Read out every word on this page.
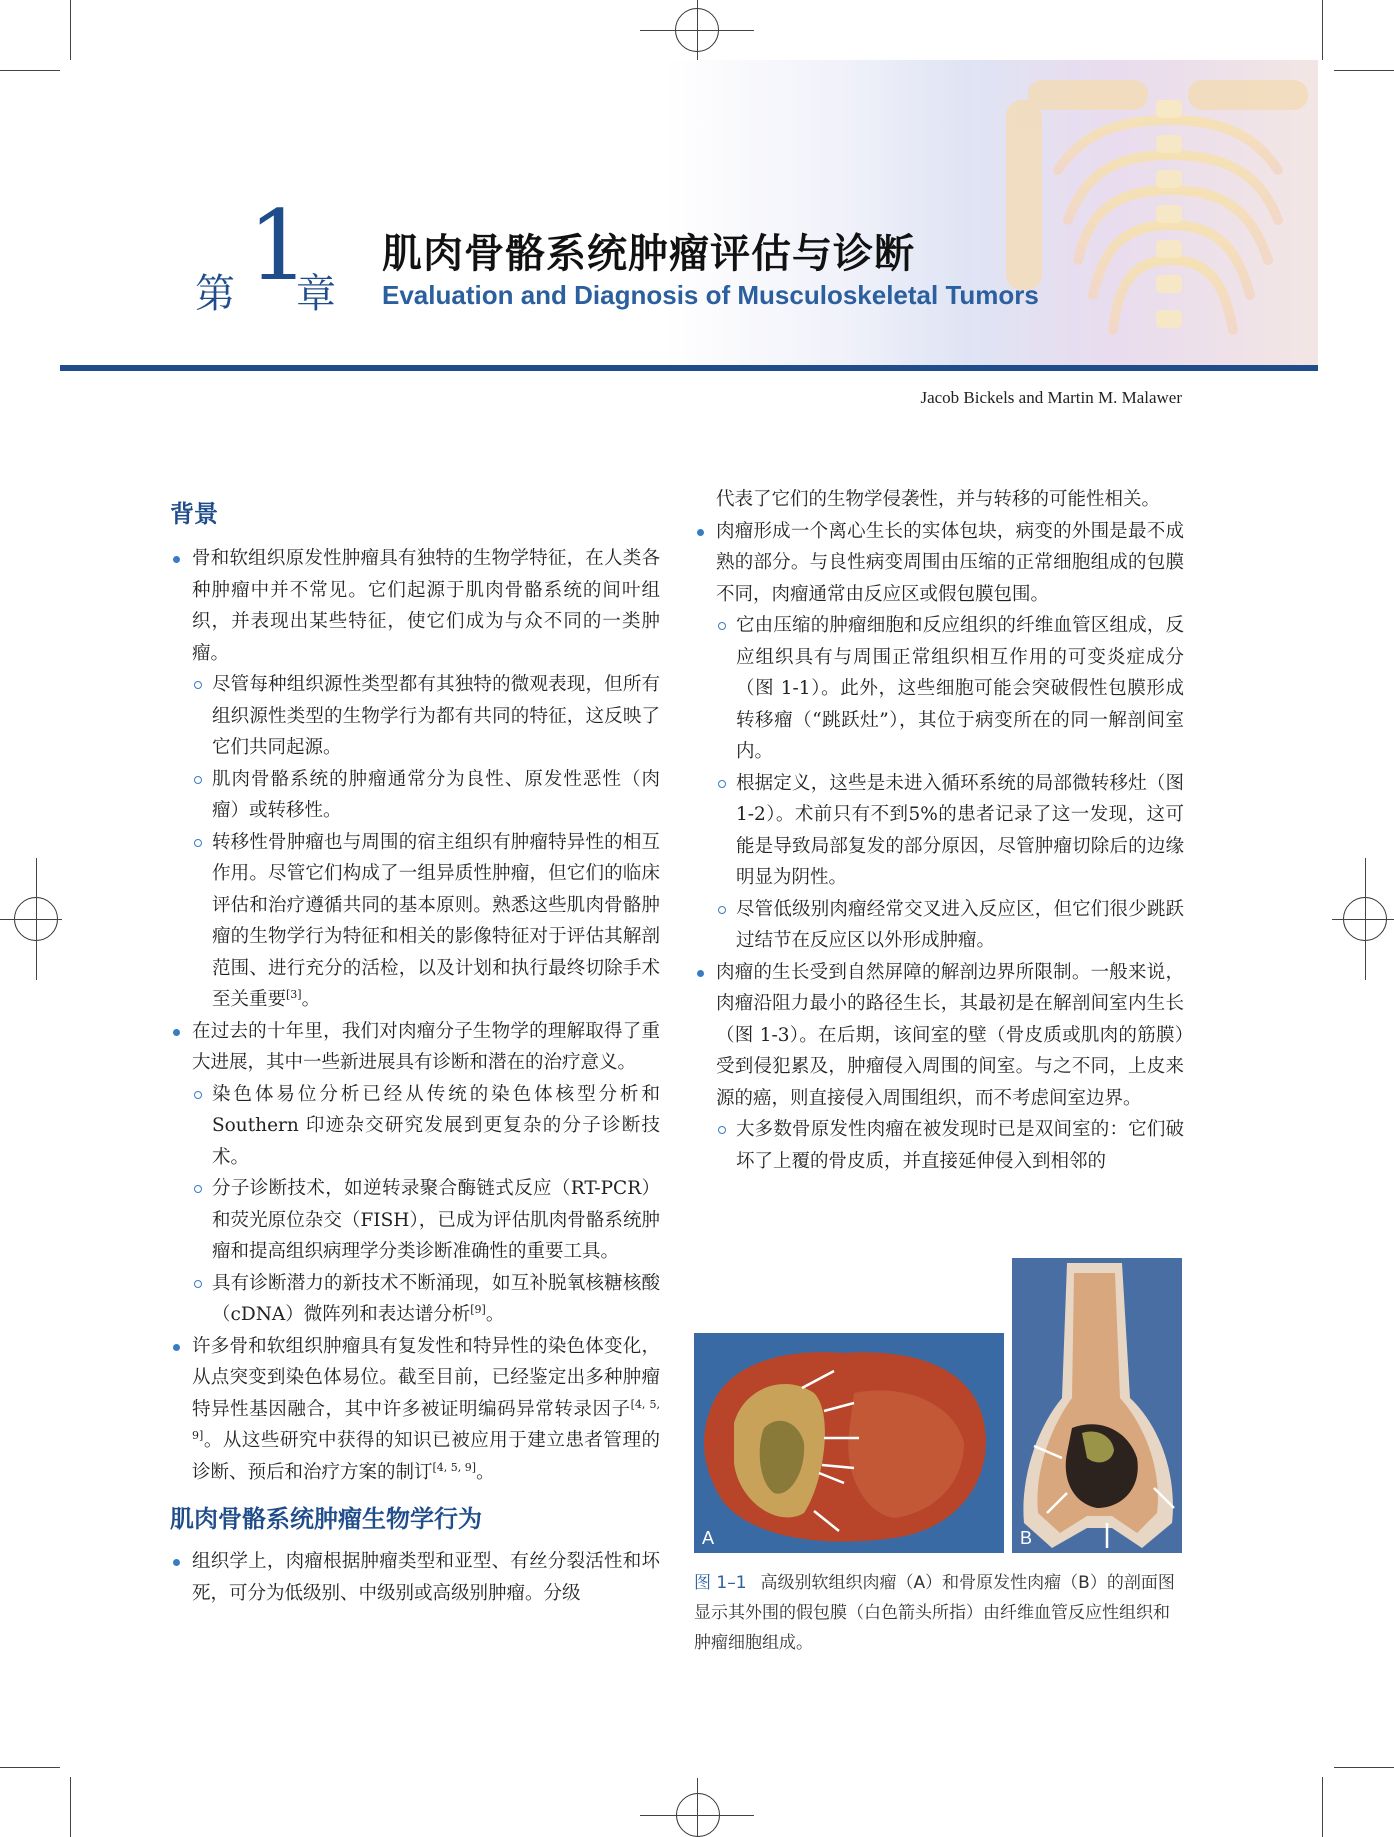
第 1
章
肌肉骨骼系统肿瘤评估与诊断
Evaluation and Diagnosis of Musculoskeletal Tumors
Jacob Bickels and Martin M. Malawer
背景
骨和软组织原发性肿瘤具有独特的生物学特征，在人类各种肿瘤中并不常见。它们起源于肌肉骨骼系统的间叶组织，并表现出某些特征，使它们成为与众不同的一类肿瘤。
尽管每种组织源性类型都有其独特的微观表现，但所有组织源性类型的生物学行为都有共同的特征，这反映了它们共同起源。
肌肉骨骼系统的肿瘤通常分为良性、原发性恶性（肉瘤）或转移性。
转移性骨肿瘤也与周围的宿主组织有肿瘤特异性的相互作用。尽管它们构成了一组异质性肿瘤，但它们的临床评估和治疗遵循共同的基本原则。熟悉这些肌肉骨骼肿瘤的生物学行为特征和相关的影像特征对于评估其解剖范围、进行充分的活检，以及计划和执行最终切除手术至关重要[3]。
在过去的十年里，我们对肉瘤分子生物学的理解取得了重大进展，其中一些新进展具有诊断和潜在的治疗意义。
染色体易位分析已经从传统的染色体核型分析和Southern 印迹杂交研究发展到更复杂的分子诊断技术。
分子诊断技术，如逆转录聚合酶链式反应（RT-PCR）和荧光原位杂交（FISH），已成为评估肌肉骨骼系统肿瘤和提高组织病理学分类诊断准确性的重要工具。
具有诊断潜力的新技术不断涌现，如互补脱氧核糖核酸（cDNA）微阵列和表达谱分析[9]。
许多骨和软组织肿瘤具有复发性和特异性的染色体变化，从点突变到染色体易位。截至目前，已经鉴定出多种肿瘤特异性基因融合，其中许多被证明编码异常转录因子[4, 5, 9]。从这些研究中获得的知识已被应用于建立患者管理的诊断、预后和治疗方案的制订[4, 5, 9]。
肌肉骨骼系统肿瘤生物学行为
组织学上，肉瘤根据肿瘤类型和亚型、有丝分裂活性和坏死，可分为低级别、中级别或高级别肿瘤。分级
代表了它们的生物学侵袭性，并与转移的可能性相关。
肉瘤形成一个离心生长的实体包块，病变的外围是最不成熟的部分。与良性病变周围由压缩的正常细胞组成的包膜不同，肉瘤通常由反应区或假包膜包围。
它由压缩的肿瘤细胞和反应组织的纤维血管区组成，反应组织具有与周围正常组织相互作用的可变炎症成分（图 1-1）。此外，这些细胞可能会突破假性包膜形成转移瘤（“跳跃灶”），其位于病变所在的同一解剖间室内。
根据定义，这些是未进入循环系统的局部微转移灶（图1-2）。术前只有不到5%的患者记录了这一发现，这可能是导致局部复发的部分原因，尽管肿瘤切除后的边缘明显为阴性。
尽管低级别肉瘤经常交叉进入反应区，但它们很少跳跃过结节在反应区以外形成肿瘤。
肉瘤的生长受到自然屏障的解剖边界所限制。一般来说，肉瘤沿阻力最小的路径生长，其最初是在解剖间室内生长（图 1-3）。在后期，该间室的壁（骨皮质或肌肉的筋膜）受到侵犯累及，肿瘤侵入周围的间室。与之不同，上皮来源的癌，则直接侵入周围组织，而不考虑间室边界。
大多数骨原发性肉瘤在被发现时已是双间室的：它们破坏了上覆的骨皮质，并直接延伸侵入到相邻的
A	B
图 1–1 高级别软组织肉瘤（A）和骨原发性肉瘤（B）的剖面图显示其外围的假包膜（白色箭头所指）由纤维血管反应性组织和肿瘤细胞组成。
